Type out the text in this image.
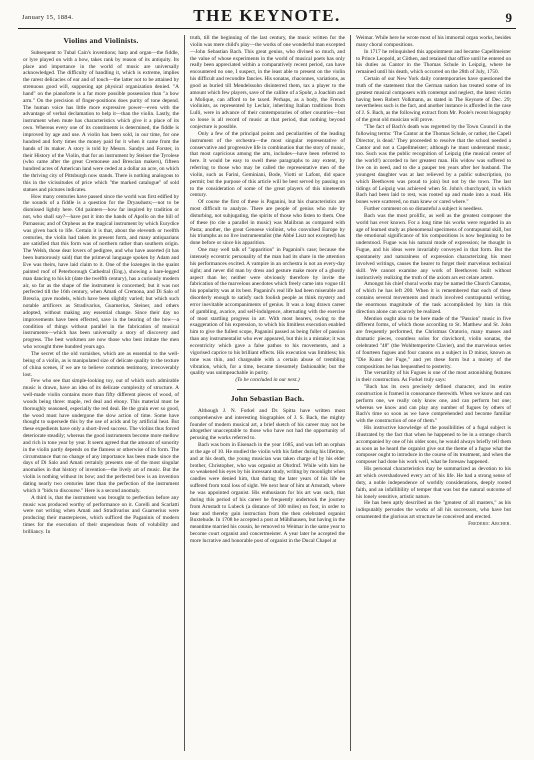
January 15, 1884.	THE KEYNOTE.	9
Violins and Violinists.

Subsequent to Tubal Cain's inventions; harp and organ—the fiddle, or lyre played on with a bow, takes rank by reason of its antiquity. Its place and importance in the world of music are universally acknowledged. The difficulty of handling it, which is extreme, implies the rarest delicacies of ear and of touch—the latter not to be attained by strenuous good will, supposing apt physical organization denied. "A hand" on the pianoforte is a far more possible possession than "a bow arm." On the precision of finger-positions does purity of tone depend. The human voice has little more expressive power—even with the advantage of verbal declamation to help it—than the violin. Lastly, the instrument when mute has characteristics which give it a place of its own. Whereas every one of its constituents is determined, the fiddle is improved by age and use. A violin has been sold, in our time, for one hundred and forty times the money paid for it when it came from the hands of its maker. A story is told by Messrs. Sandys and Forster, in their History of the Violin, that for an instrument by Steiner the Tyrolese (who came after the great Cremonese and Brescian makers), fifteen hundred acres of American land were ceded at a dollar an acre, on which the thriving city of Pittsburgh now stands. There is nothing analogous to this in the vicissitudes of price which "the marked catalogue" of sold statues and pictures indicates.

How many centuries have passed since the world was first edified by the sounds of a fiddle is a question for the Dryasdusts;—not to be dismissed lightly here. Old painters—how far inspired by tradition or not, who shall say?—have put it into the hands of Apollo on the hill of Parnassus; and of Orpheus as the magical instrument by which Eurydice was given back to life. Certain it is that, about the eleventh or twelfth centuries, the violin had taken its present form, and many antiquarians are satisfied that this form was of northern rather than southern origin. The Welsh, those dear lovers of pedigree, and who have asserted (it has been humorously said) that the primeval language spoken by Adam and Eve was theirs, have laid claim to it. One of the lozenges in the quaint painted roof of Peterborough Cathedral (Eng.), showing a bare-legged man dancing to his kit (date the twelfth century), has a curiously modern air, so far as the shape of the instrument is concerned; but it was not perfected till the 16th century, when Amati of Cremona, and Di Salo of Brescia, gave models, which have been slightly varied; but which such notable artificers as Stradivarius, Guarnerius, Steiner, and others adopted, without making any essential change. Since their day no improvements have been effected, save in the bearing of the bow—a condition of things without parallel in the fabrication of musical instruments—which has been universally a story of discovery and progress. The best workmen are now those who best imitate the men who wrought three hundred years ago.

The secret of the old varnishes, which are as essential to the well-being of a violin, as is manipulated size of delicate quality to the texture of china scenes, if we are to believe common testimony, irrecoverably lost.

Few who see that simple-looking toy, out of which such admirable music is drawn, have an idea of its delicate complexity of structure. A well-made violin contains more than fifty different pieces of wood, of woods being three: maple, red deal and ebony. This material must be thoroughly seasoned, especially the red deal. Be the grain ever so good, the wood must have undergone the slow action of time. Some have thought to supersede this by the use of acids and by artificial heat. But these expedients have only a short-lived success. The violins thus forced deteriorate steadily; whereas the good instruments become more mellow and rich in tone year by year. It seem agreed that the amount of sonority in the violin partly depends on the flatness or otherwise of its form. The circumstance that no change of any importance has been made since the days of Di Salo and Amati certainly presents one of the most singular anomalies in that history of invention—the lively art of music. But the violin is nothing without its bow; and the perfected bow is an invention dating nearly two centuries later than the perfection of the instrument which it "bids to discourse." Here is a second anomaly.

A third is, that the instrument was brought to perfection before any music was produced worthy of performance on it. Corelli and Scarlatti were not writing when Amati and Stradivarius and Guarnerius were producing their masterpieces, which sufficed the Paganinis of modern times for the execution of their stupendous feats of volubility and brilliancy. In

truth, till the beginning of the last century, the music written for the violin was mere child's play—the works of one wonderful man excepted—John Sebastian Bach. This great genius, who divined so much, and the value of whose experiments in the world of musical poets has only really been appreciated within a comparatively recent period, can have encountered no one, I suspect, in the least able to present on the violin his difficult and recondite fancies. His sonatas, chaconnes, variations, as good as buried till Mendelssohn disinterred them, tax a player to the amount which few players, save of the calibre of a Spohr, a Joachim and a Molique, can afford to be taxed. Perhaps, as a body, the French violinists, as represented by Leclair, inheriting Italian traditions from Lulli, were in advance of their contemporaries of other countries—but so loose is all record of music at that period, that nothing beyond conjecture is possible.

Only a few of the principal points and peculiarities of the leading instrument of the orchestra—the most singular representative of conservative and progressive life in combination that the story of music, that most capricious among the arts, includes—have been referred to here. It would be easy to swell these paragraphs to any extent, by referring to those who may be called the representative men of the violin, such as Farini, Geminiani, Bode, Viotti or Lafont, did space permit; but the purpose of this article will be best served by passing on to the consideration of some of the great players of this nineteenth century.

Of course the first of these is Paganini, but his characteristics are most difficult to analyze. There are people of genius who rule by disturbing, not subjugating, the spirits of those who listen to them. One of these (to cite a parallel in music) was Malibran as compared with Pasta; another, the great Genoese violinist, who convulsed Europe by his triumphs as no live instrumentalist (the Abbé Liszt not excepted) has done before or since his apparition.

One may well talk of "apparition" in Paganini's case; because the intensely eccentric personality of the man had its share in the attention his performances excited. A vampire in an orchestra is not an every-day sight; and never did man by dress and gesture make more of a ghostly aspect than he; neither were obviously therefore by invite the fabrication of the marvelous anecdotes which freely came into vogue till his popularity was at its best. Paganini's real life had been miserable and disorderly enough to satisfy such foolish people as think mystery and error inevitable accompaniments of genius. It was a long drawn career of gambling, avarice, and self-indulgence, alternating with the exercise of most startling progress in art. With most hearers, owing to the exaggeration of his expression, to which his limitless execution enabled him to give the fullest scope, Paganini passed as being fuller of passion than any instrumentalist who ever appeared, but this is a mistake; it was eccentricity which gave a false pathos to his movements, and a vigorised caprice to his brilliant effects. His execution was limitless; his tone was thin, and chargeable with a certain abuse of trembling vibration, which, for a time, became tiresomely fashionable; but the quality was unimpeachable in purity.

(To be concluded in our next.)

John Sebastian Bach.

Although J. N. Forkel and Dr. Spitta have written most comprehensive and interesting biographies of J. S. Bach, the mighty founder of modern musical art, a brief sketch of his career may not be altogether unacceptable to those who have not had the opportunity of perusing the works referred to.

Bach was born in Eisenach in the year 1685, and was left an orphan at the age of 10. He studied the violin with his father during his lifetime, and at his death, the young musician was taken charge of by his elder brother, Christopher, who was organist at Ohrdruf. While with him he so weakened his eyes by his incessant study, writing by moonlight when candles were denied him, that during the later years of his life he suffered from total loss of sight. We next hear of him at Arnstadt, where he was appointed organist. His enthusiasm for his art was such, that during this period of his career he frequently undertook the journey from Arnstadt to Lubeck (a distance of 100 miles) on foot, in order to hear and thereby gain instruction from the then celebrated organist Buxtehude. In 1708 he accepted a post at Mühlhausen, but having in the meantime married his cousin, he removed to Weimar in the same year to become court organist and concertmeister. A year later he accepted the more lucrative and honorable post of organist in the Ducal Chapel at

Weimar. While here he wrote most of his immortal organ works, besides many choral compositions.

In 1717 he relinquished this appointment and became Capellmeister to Prince Leopold, at Cöthen, and retained that office until he entered on his duties as Cantor in the Thomas Schule in Leipzig, where he remained until his death, which occurred on the 28th of July, 1750.

Certain of our New York daily contemporaries have questioned the truth of the statement that the German nation has treated some of its greatest musical composers with contempt and neglect, the latest victim having been Robert Volkmann, as stated in The Keynote of Dec. 29; nevertheless such is the fact, and another instance is afforded in the case of J. S. Bach, as the following extract from Mr. Poole's recent biography of the great old musician will prove.

"The fact of Bach's death was regretted by the Town Council in the following terms: 'The Cantor at the Thomas Schule, or rather, the Capell Director, is dead.' They proceeded to resolve that the school needed a Cantor and not a Capellmeister; although he must understand music, too. Such was the public recognition of Leipzig (the musical center of the world!) accorded to her greatest man. His widow was suffered to live on in need, and to die a pauper ten years after her husband. The youngest daughter was at last relieved by a public subscription, (to which Beethoven was proud to join) but not by the town. The last tidings of Leipzig was achieved when St. John's churchyard, in which Bach had been laid to rest, was rooted up and made into a road. His bones were scattered, no man knew or cared where."

Further comment on so distasteful a subject is needless.

Bach was the most prolific, as well as the greatest composer the world has ever known. For a long time his works were regarded in an age of learned study as phenomenal specimens of contrapuntal skill, but the emotional significance of his compositions is now beginning to be understood. Fugue was his natural mode of expression; he thought in Fugue, and his ideas were invariably conveyed in that form. But the spontaneity and naturalness of expression characterizing his most involved writings, causes the hearer to forget their marvelous technical skill. We cannot examine any work of Beethoven built without instinctively realizing the truth of the axiom ars est celare artem.

Amongst his chief choral works may be named the Church Cantatas, of which he has left 200. When it is remembered that each of these contains several movements and much involved contrapuntal writing, the enormous magnitude of the task accomplished by him in this direction alone can scarcely be realized.

Mention ought also to be here made of the "Passion" music in five different forms, of which those according to St. Matthew and St. John are frequently performed, the Christmas Oratorio, many masses and dramatic pieces, countless solos for clavichord, violin sonatas, the celebrated "48" (the Wohltemperirte Clavier), and the marvelous series of fourteen fugues and four canons on a subject in D minor, known as "Die Kunst der Fuge," and yet these form but a moiety of the compositions he has bequeathed to posterity.

The versatility of his Fugues is one of the most astonishing features in their construction. As Forkel truly says:

"Bach has its own precisely defined character, and its entire construction is framed in consonance therewith. When we know and can perform one, we really only know one, and can perform but one; whereas we know and can play any number of fugues by others of Bach's time so soon as we have comprehended and become familiar with the construction of one of them."

His instructive knowledge of the possibilities of a fugal subject is illustrated by the fact that when he happened to be in a strange church accompanied by one of his older sons, he would always briefly tell them as soon as he heard the organist give out the theme of a fugue what the composer ought to introduce in the course of its treatment, and when the composer had done his work well, what he foresaw happened.

His personal characteristics may be summarized as devotion to his art which overshadowed every act of his life. He had a strong sense of duty, a noble independence of worldly considerations, deeply rooted faith, and an infallibility of temper that was but the natural outcome of his lonely sensitive, artistic nature.

He has been aptly described as the "greatest of all masters," as his indisputably pervades the works of all his successors, who have but ornamented the glorious art structure he conceived and erected.

Frederic Archer.
